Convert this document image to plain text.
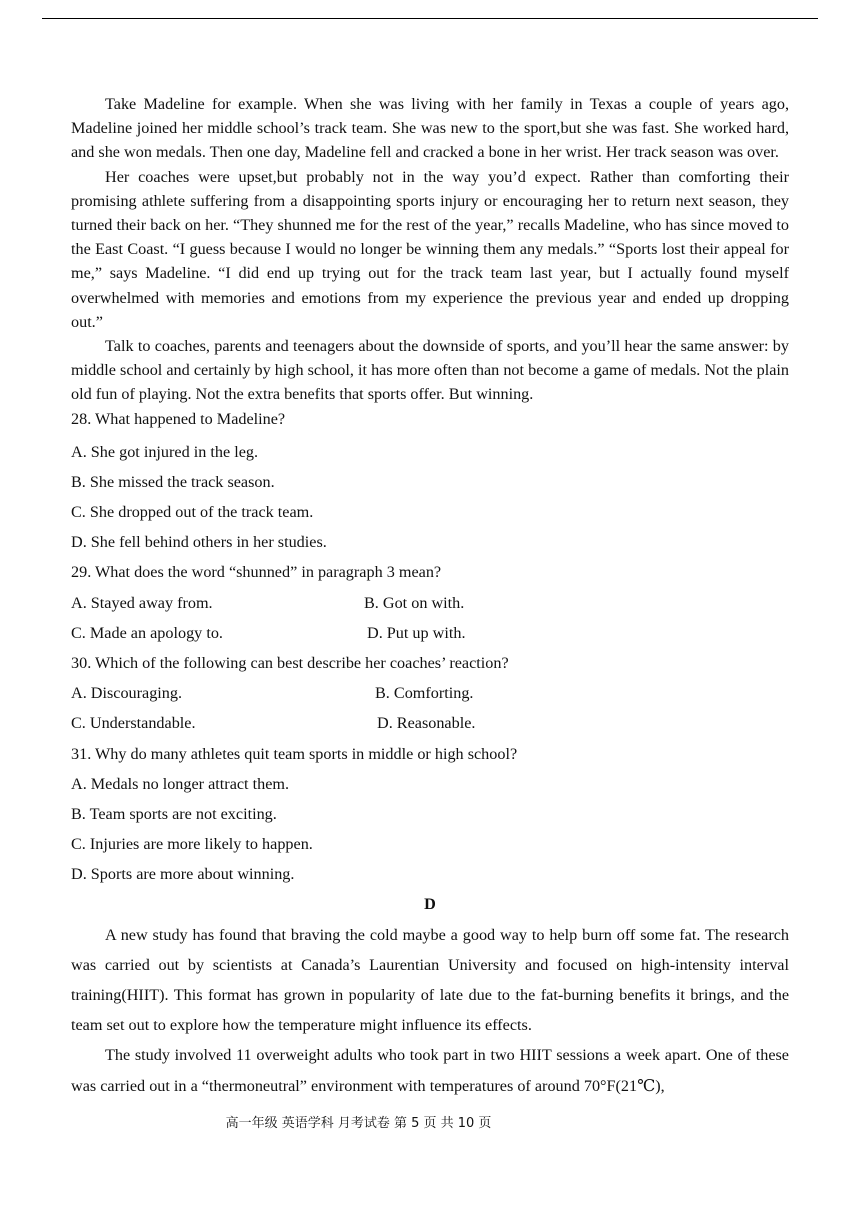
Take Madeline for example. When she was living with her family in Texas a couple of years ago, Madeline joined her middle school’s track team. She was new to the sport,but she was fast. She worked hard, and she won medals. Then one day, Madeline fell and cracked a bone in her wrist. Her track season was over.

Her coaches were upset,but probably not in the way you’d expect. Rather than comforting their promising athlete suffering from a disappointing sports injury or encouraging her to return next season, they turned their back on her. “They shunned me for the rest of the year,” recalls Madeline, who has since moved to the East Coast. “I guess because I would no longer be winning them any medals.” “Sports lost their appeal for me,” says Madeline. “I did end up trying out for the track team last year, but I actually found myself overwhelmed with memories and emotions from my experience the previous year and ended up dropping out.”

Talk to coaches, parents and teenagers about the downside of sports, and you’ll hear the same answer: by middle school and certainly by high school, it has more often than not become a game of medals. Not the plain old fun of playing. Not the extra benefits that sports offer. But winning.

28. What happened to Madeline?
A. She got injured in the leg.
B. She missed the track season.
C. She dropped out of the track team.
D. She fell behind others in her studies.
29. What does the word “shunned” in paragraph 3 mean?
A. Stayed away from.	B. Got on with.
C. Made an apology to.	D. Put up with.
30. Which of the following can best describe her coaches’ reaction?
A. Discouraging.	B. Comforting.
C. Understandable.	D. Reasonable.
31. Why do many athletes quit team sports in middle or high school?
A. Medals no longer attract them.
B. Team sports are not exciting.
C. Injuries are more likely to happen.
D. Sports are more about winning.
D

A new study has found that braving the cold maybe a good way to help burn off some fat. The research was carried out by scientists at Canada’s Laurentian University and focused on high-intensity interval training(HIIT). This format has grown in popularity of late due to the fat-burning benefits it brings, and the team set out to explore how the temperature might influence its effects.

The study involved 11 overweight adults who took part in two HIIT sessions a week apart. One of these was carried out in a “thermoneutral” environment with temperatures of around 70°F(21℃),

高一年级 英语学科 月考试卷 第 5 页 共 10 页
